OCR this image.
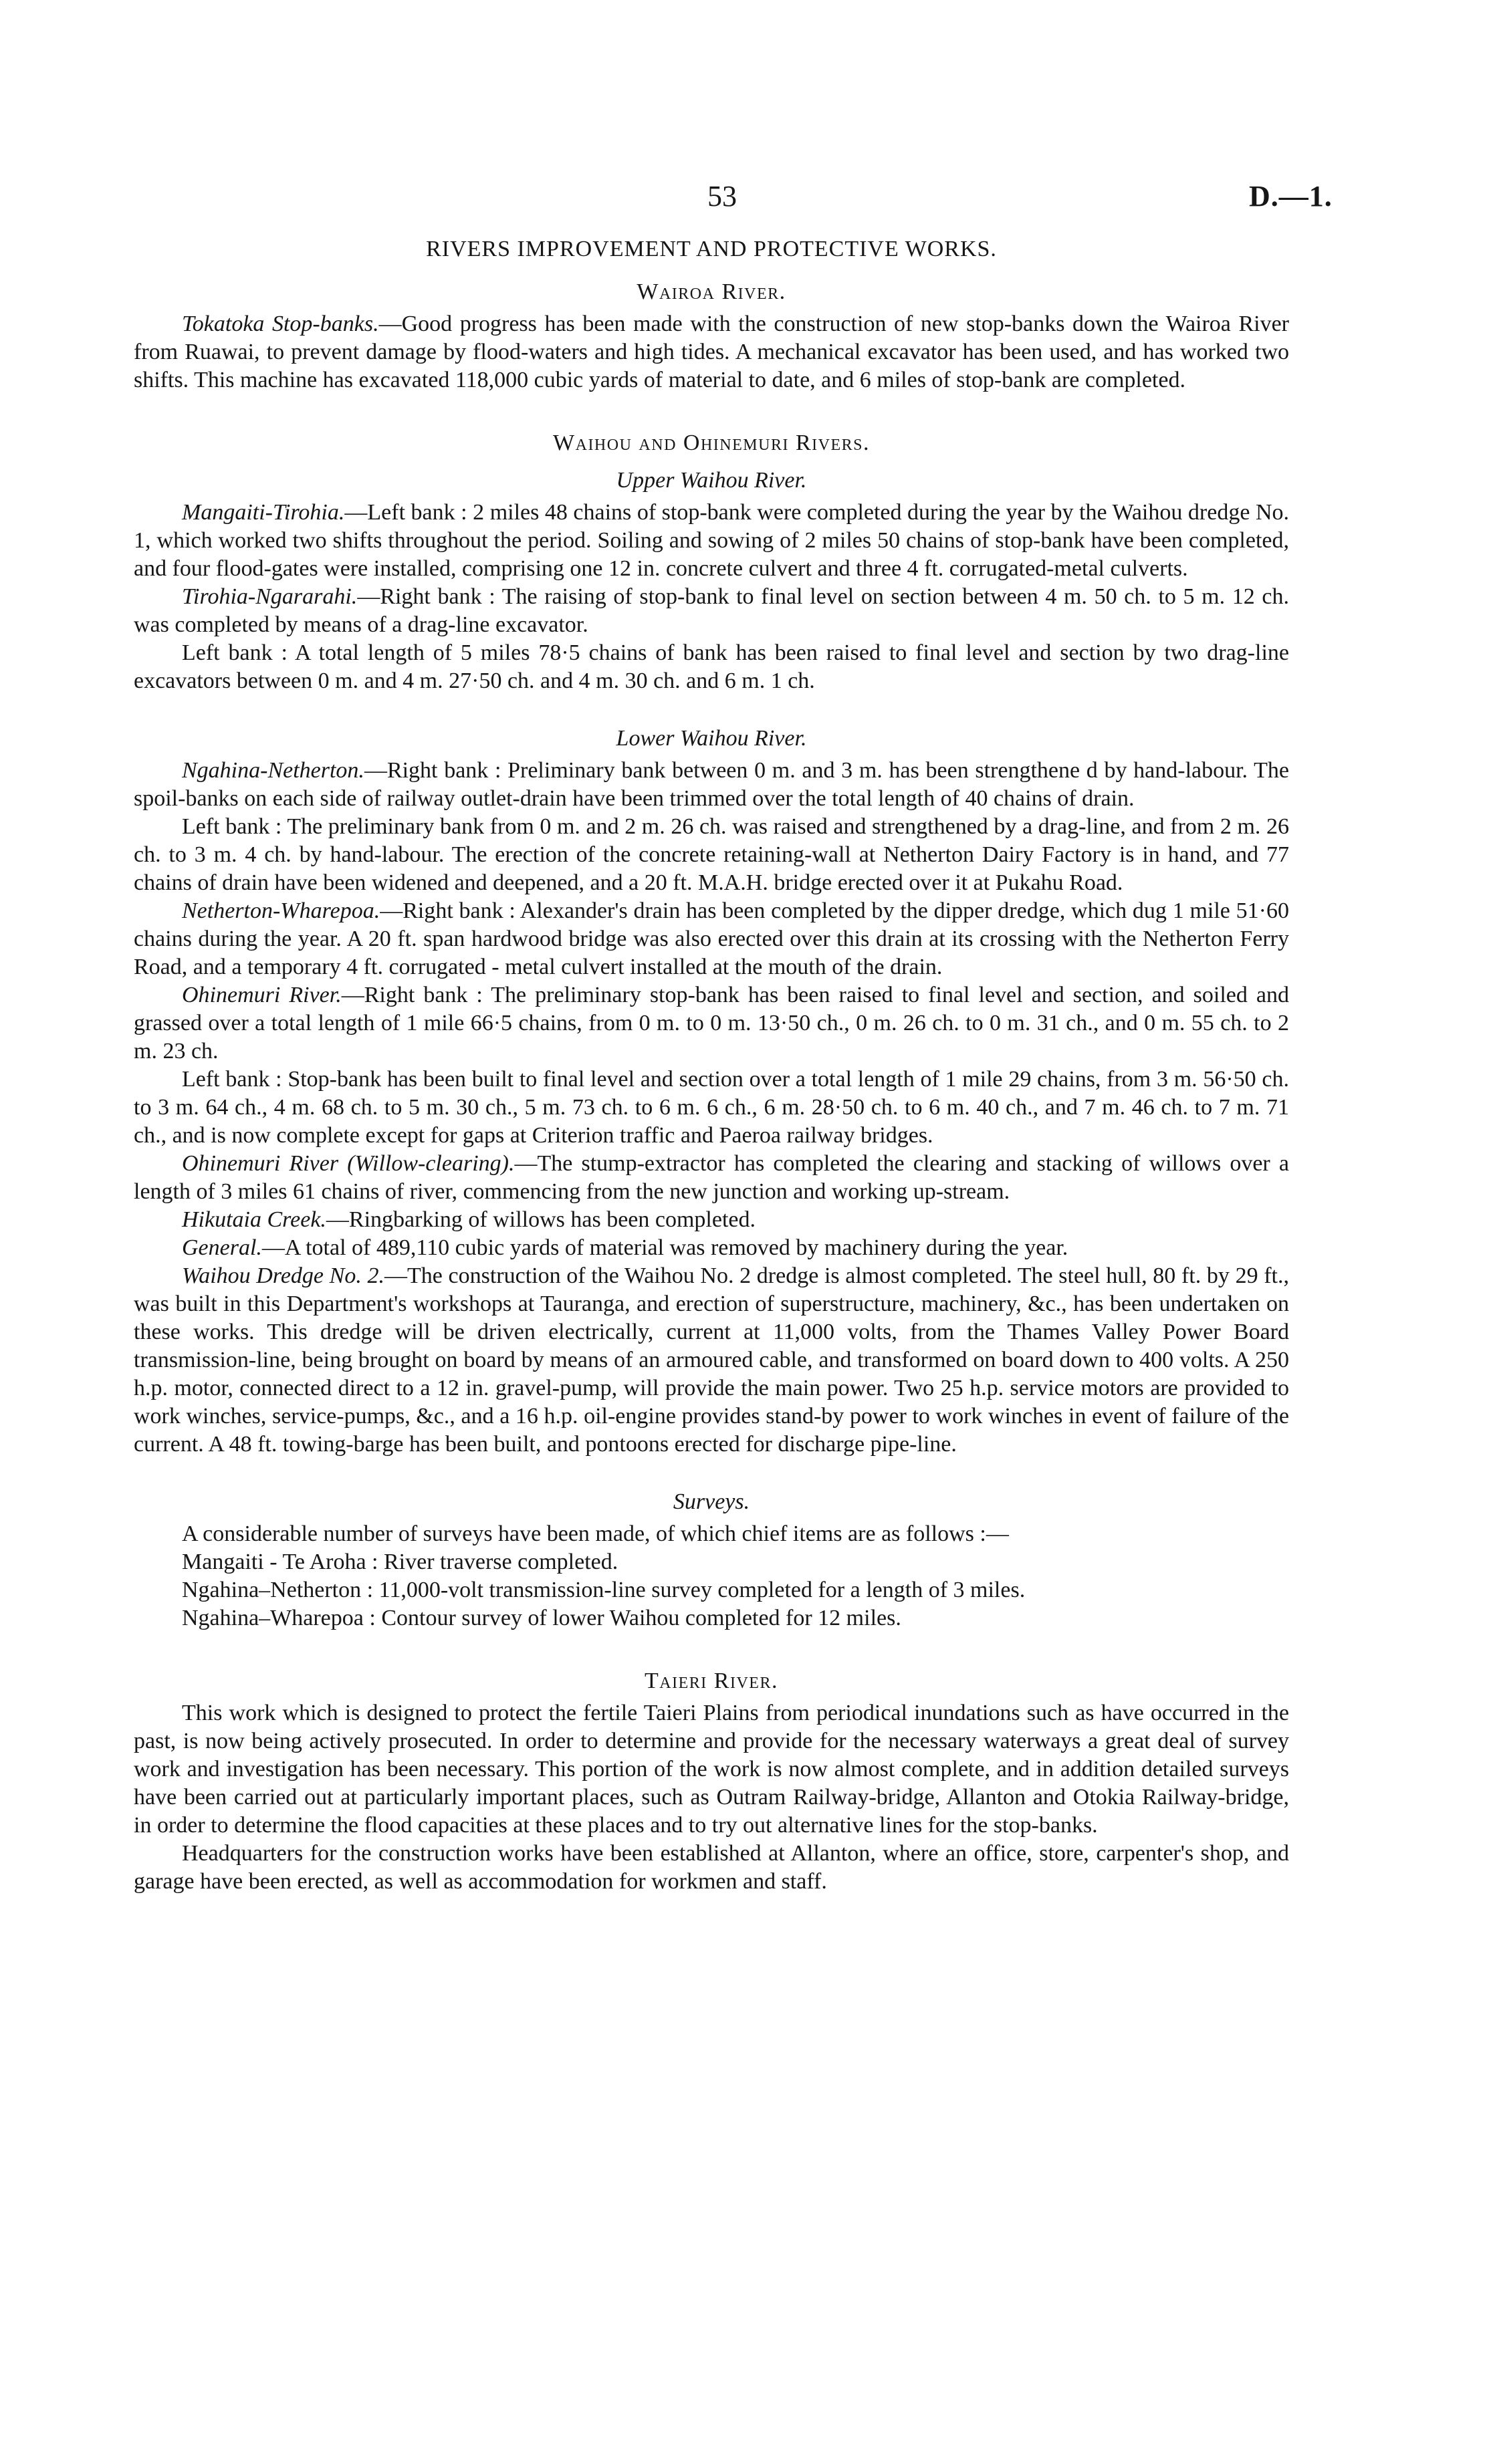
53	D.—1.
RIVERS IMPROVEMENT AND PROTECTIVE WORKS.
Wairoa River.

Tokatoka Stop-banks.—Good progress has been made with the construction of new stop-banks down the Wairoa River from Ruawai, to prevent damage by flood-waters and high tides. A mechanical excavator has been used, and has worked two shifts. This machine has excavated 118,000 cubic yards of material to date, and 6 miles of stop-bank are completed.

Waihou and Ohinemuri Rivers.
Upper Waihou River.

Mangaiti-Tirohia.—Left bank : 2 miles 48 chains of stop-bank were completed during the year by the Waihou dredge No. 1, which worked two shifts throughout the period. Soiling and sowing of 2 miles 50 chains of stop-bank have been completed, and four flood-gates were installed, comprising one 12 in. concrete culvert and three 4 ft. corrugated-metal culverts.

Tirohia-Ngararahi.—Right bank : The raising of stop-bank to final level on section between 4 m. 50 ch. to 5 m. 12 ch. was completed by means of a drag-line excavator.

Left bank : A total length of 5 miles 78·5 chains of bank has been raised to final level and section by two drag-line excavators between 0 m. and 4 m. 27·50 ch. and 4 m. 30 ch. and 6 m. 1 ch.

Lower Waihou River.

Ngahina-Netherton.—Right bank : Preliminary bank between 0 m. and 3 m. has been strengthene d by hand-labour. The spoil-banks on each side of railway outlet-drain have been trimmed over the total length of 40 chains of drain.

Left bank : The preliminary bank from 0 m. and 2 m. 26 ch. was raised and strengthened by a drag-line, and from 2 m. 26 ch. to 3 m. 4 ch. by hand-labour. The erection of the concrete retaining-wall at Netherton Dairy Factory is in hand, and 77 chains of drain have been widened and deepened, and a 20 ft. M.A.H. bridge erected over it at Pukahu Road.

Netherton-Wharepoa.—Right bank : Alexander's drain has been completed by the dipper dredge, which dug 1 mile 51·60 chains during the year. A 20 ft. span hardwood bridge was also erected over this drain at its crossing with the Netherton Ferry Road, and a temporary 4 ft. corrugated - metal culvert installed at the mouth of the drain.

Ohinemuri River.—Right bank : The preliminary stop-bank has been raised to final level and section, and soiled and grassed over a total length of 1 mile 66·5 chains, from 0 m. to 0 m. 13·50 ch., 0 m. 26 ch. to 0 m. 31 ch., and 0 m. 55 ch. to 2 m. 23 ch.

Left bank : Stop-bank has been built to final level and section over a total length of 1 mile 29 chains, from 3 m. 56·50 ch. to 3 m. 64 ch., 4 m. 68 ch. to 5 m. 30 ch., 5 m. 73 ch. to 6 m. 6 ch., 6 m. 28·50 ch. to 6 m. 40 ch., and 7 m. 46 ch. to 7 m. 71 ch., and is now complete except for gaps at Criterion traffic and Paeroa railway bridges.

Ohinemuri River (Willow-clearing).—The stump-extractor has completed the clearing and stacking of willows over a length of 3 miles 61 chains of river, commencing from the new junction and working up-stream.

Hikutaia Creek.—Ringbarking of willows has been completed.

General.—A total of 489,110 cubic yards of material was removed by machinery during the year.

Waihou Dredge No. 2.—The construction of the Waihou No. 2 dredge is almost completed. The steel hull, 80 ft. by 29 ft., was built in this Department's workshops at Tauranga, and erection of superstructure, machinery, &c., has been undertaken on these works. This dredge will be driven electrically, current at 11,000 volts, from the Thames Valley Power Board transmission-line, being brought on board by means of an armoured cable, and transformed on board down to 400 volts. A 250 h.p. motor, connected direct to a 12 in. gravel-pump, will provide the main power. Two 25 h.p. service motors are provided to work winches, service-pumps, &c., and a 16 h.p. oil-engine provides stand-by power to work winches in event of failure of the current. A 48 ft. towing-barge has been built, and pontoons erected for discharge pipe-line.

Surveys.

A considerable number of surveys have been made, of which chief items are as follows :—

Mangaiti - Te Aroha : River traverse completed.
Ngahina–Netherton : 11,000-volt transmission-line survey completed for a length of 3 miles.
Ngahina–Wharepoa : Contour survey of lower Waihou completed for 12 miles.
Taieri River.

This work which is designed to protect the fertile Taieri Plains from periodical inundations such as have occurred in the past, is now being actively prosecuted. In order to determine and provide for the necessary waterways a great deal of survey work and investigation has been necessary. This portion of the work is now almost complete, and in addition detailed surveys have been carried out at particularly important places, such as Outram Railway-bridge, Allanton and Otokia Railway-bridge, in order to determine the flood capacities at these places and to try out alternative lines for the stop-banks.

Headquarters for the construction works have been established at Allanton, where an office, store, carpenter's shop, and garage have been erected, as well as accommodation for workmen and staff.
